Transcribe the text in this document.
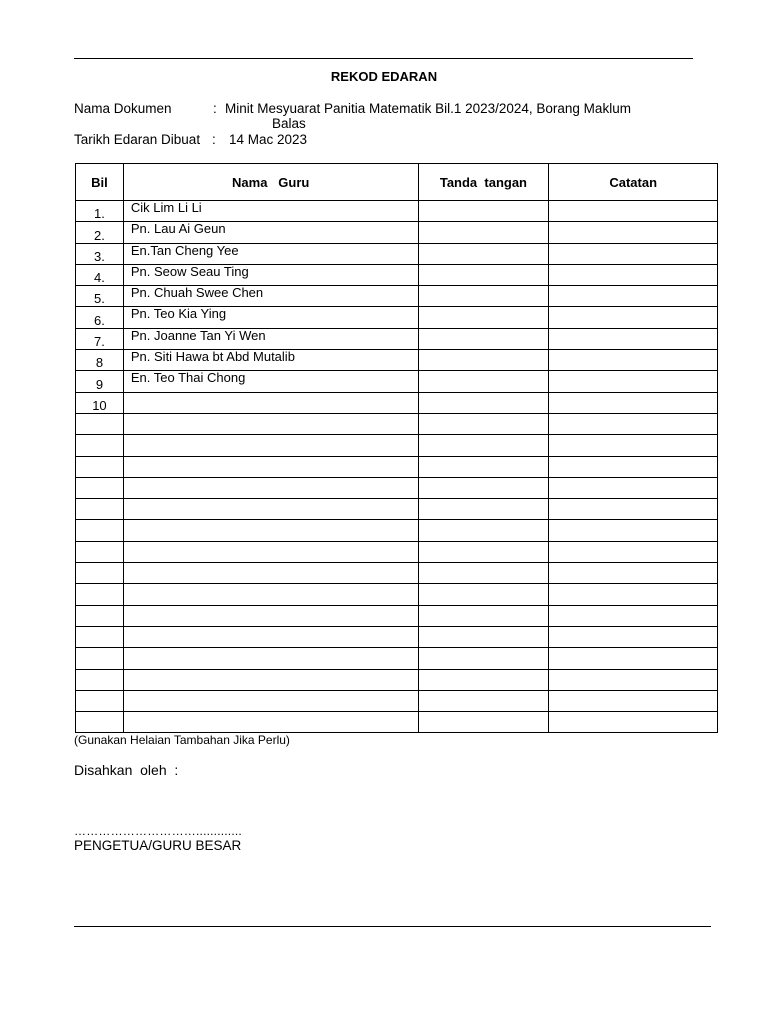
REKOD EDARAN
Nama Dokumen	: Minit Mesyuarat Panitia Matematik Bil.1 2023/2024, Borang Maklum
Balas
Tarikh Edaran Dibuat : 14 Mac 2023
Bil	Nama   Guru	Tanda  tangan	Catatan
1.	Cik Lim Li Li		
2.	Pn. Lau Ai Geun		
3.	En.Tan Cheng Yee		
4.	Pn. Seow Seau Ting		
5.	Pn. Chuah Swee Chen		
6.	Pn. Teo Kia Ying		
7.	Pn. Joanne Tan Yi Wen		
8	Pn. Siti Hawa bt Abd Mutalib		
9	En. Teo Thai Chong		
10			

(Gunakan Helaian Tambahan Jika Perlu)
Disahkan  oleh  :
………………………….............
PENGETUA/GURU BESAR
